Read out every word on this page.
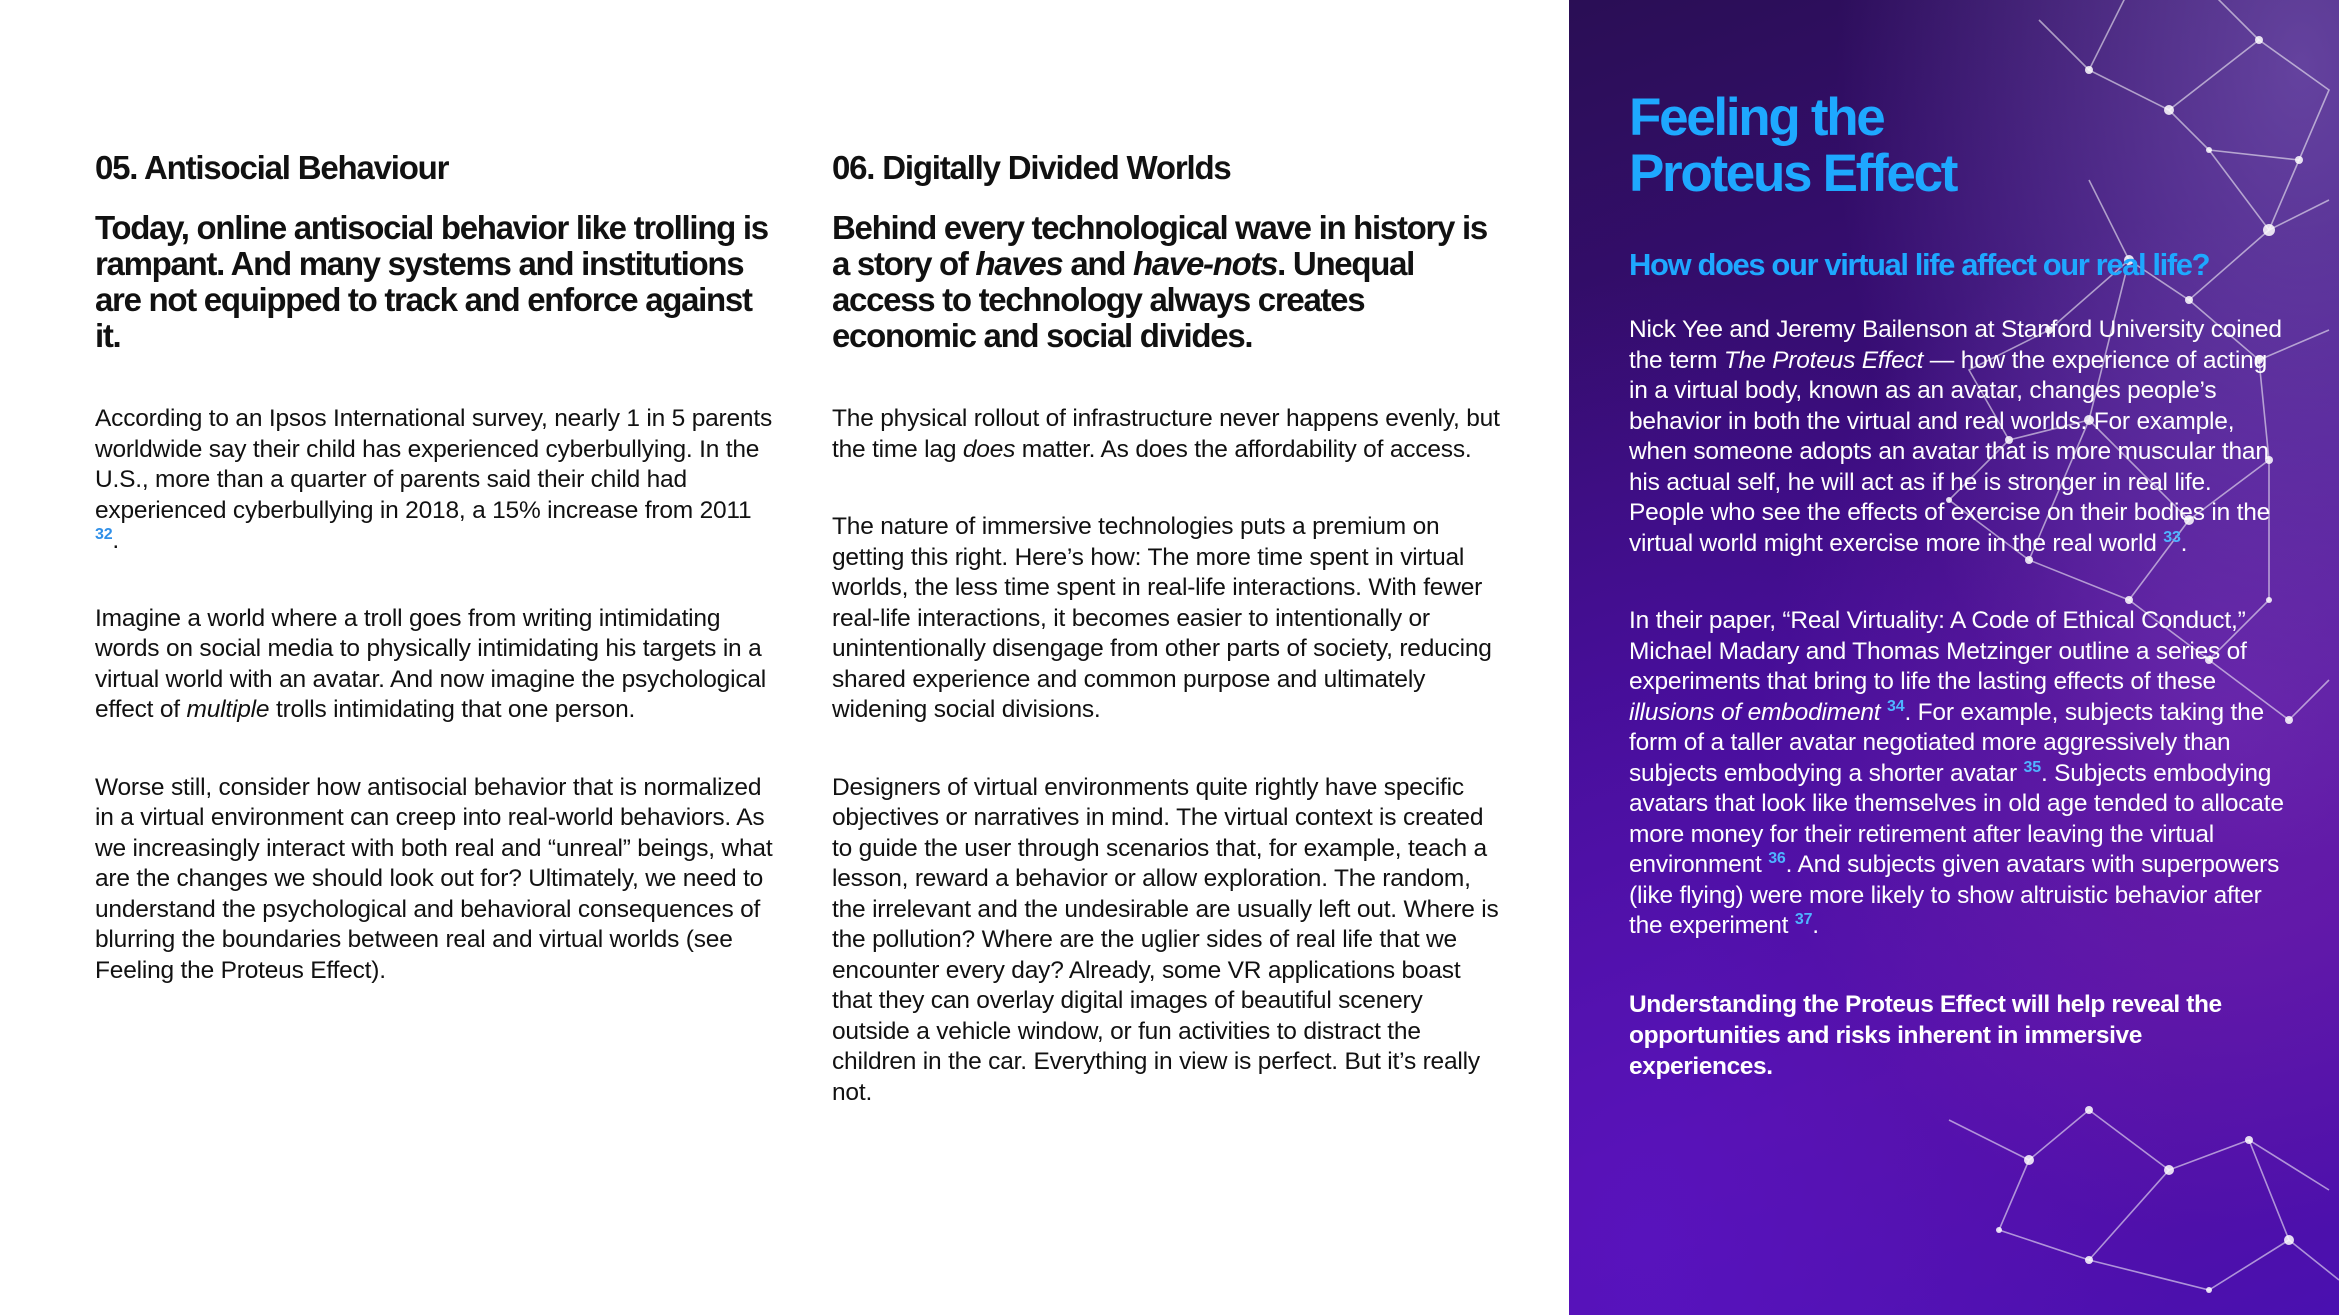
05. Antisocial Behaviour

Today, online antisocial behavior like trolling is rampant. And many systems and institutions are not equipped to track and enforce against it.

According to an Ipsos International survey, nearly 1 in 5 parents worldwide say their child has experienced cyberbullying. In the U.S., more than a quarter of parents said their child had experienced cyberbullying in 2018, a 15% increase from 2011 $^{32}$.

Imagine a world where a troll goes from writing intimidating words on social media to physically intimidating his targets in a virtual world with an avatar. And now imagine the psychological effect of multiple trolls intimidating that one person.

Worse still, consider how antisocial behavior that is normalized in a virtual environment can creep into real-world behaviors. As we increasingly interact with both real and “unreal” beings, what are the changes we should look out for? Ultimately, we need to understand the psychological and behavioral consequences of blurring the boundaries between real and virtual worlds (see Feeling the Proteus Effect).

06. Digitally Divided Worlds

Behind every technological wave in history is a story of haves and have-nots. Unequal access to technology always creates economic and social divides.

The physical rollout of infrastructure never happens evenly, but the time lag does matter. As does the affordability of access.

The nature of immersive technologies puts a premium on getting this right. Here’s how: The more time spent in virtual worlds, the less time spent in real-life interactions. With fewer real-life interactions, it becomes easier to intentionally or unintentionally disengage from other parts of society, reducing shared experience and common purpose and ultimately widening social divisions.

Designers of virtual environments quite rightly have specific objectives or narratives in mind. The virtual context is created to guide the user through scenarios that, for example, teach a lesson, reward a behavior or allow exploration. The random, the irrelevant and the undesirable are usually left out. Where is the pollution? Where are the uglier sides of real life that we encounter every day? Already, some VR applications boast that they can overlay digital images of beautiful scenery outside a vehicle window, or fun activities to distract the children in the car. Everything in view is perfect. But it’s really not.

Feeling the
Proteus Effect
How does our virtual life affect our real life?

Nick Yee and Jeremy Bailenson at Stanford University coined the term The Proteus Effect — how the experience of acting in a virtual body, known as an avatar, changes people’s behavior in both the virtual and real worlds. For example, when someone adopts an avatar that is more muscular than his actual self, he will act as if he is stronger in real life. People who see the effects of exercise on their bodies in the virtual world might exercise more in the real world $^{33}$.

In their paper, “Real Virtuality: A Code of Ethical Conduct,” Michael Madary and Thomas Metzinger outline a series of experiments that bring to life the lasting effects of these illusions of embodiment $^{34}$. For example, subjects taking the form of a taller avatar negotiated more aggressively than subjects embodying a shorter avatar $^{35}$. Subjects embodying avatars that look like themselves in old age tended to allocate more money for their retirement after leaving the virtual environment $^{36}$. And subjects given avatars with superpowers (like flying) were more likely to show altruistic behavior after the experiment $^{37}$.

Understanding the Proteus Effect will help reveal the opportunities and risks inherent in immersive experiences.
